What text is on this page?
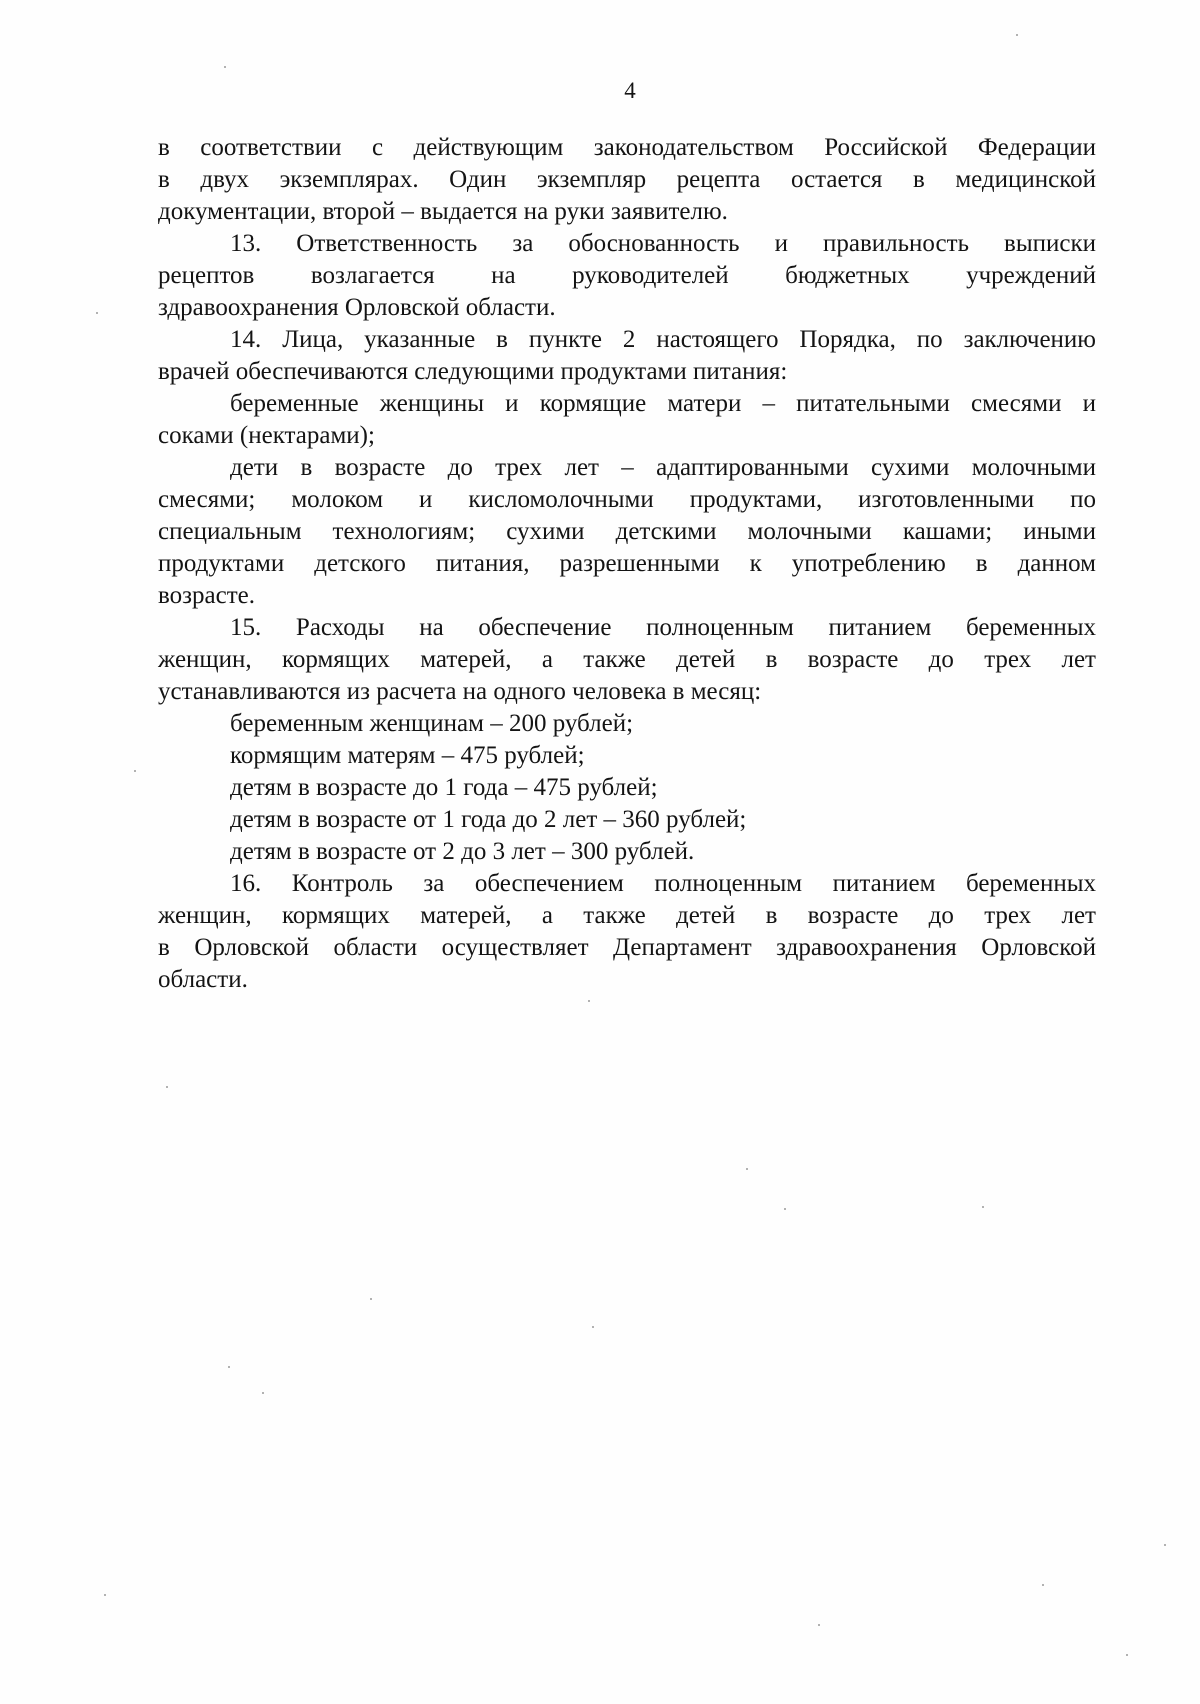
4

в соответствии с действующим законодательством Российской Федерации
в двух экземплярах. Один экземпляр рецепта остается в медицинской
документации, второй – выдается на руки заявителю.

13. Ответственность за обоснованность и правильность выписки
рецептов возлагается на руководителей бюджетных учреждений
здравоохранения Орловской области.

14. Лица, указанные в пункте 2 настоящего Порядка, по заключению
врачей обеспечиваются следующими продуктами питания:

беременные женщины и кормящие матери – питательными смесями и
соками (нектарами);

дети в возрасте до трех лет – адаптированными сухими молочными
смесями; молоком и кисломолочными продуктами, изготовленными по
специальным технологиям; сухими детскими молочными кашами; иными
продуктами детского питания, разрешенными к употреблению в данном
возрасте.

15. Расходы на обеспечение полноценным питанием беременных
женщин, кормящих матерей, а также детей в возрасте до трех лет
устанавливаются из расчета на одного человека в месяц:

беременным женщинам – 200 рублей;

кормящим матерям – 475 рублей;

детям в возрасте до 1 года – 475 рублей;

детям в возрасте от 1 года до 2 лет – 360 рублей;

детям в возрасте от 2 до 3 лет – 300 рублей.

16. Контроль за обеспечением полноценным питанием беременных
женщин, кормящих матерей, а также детей в возрасте до трех лет
в Орловской области осуществляет Департамент здравоохранения Орловской
области.
